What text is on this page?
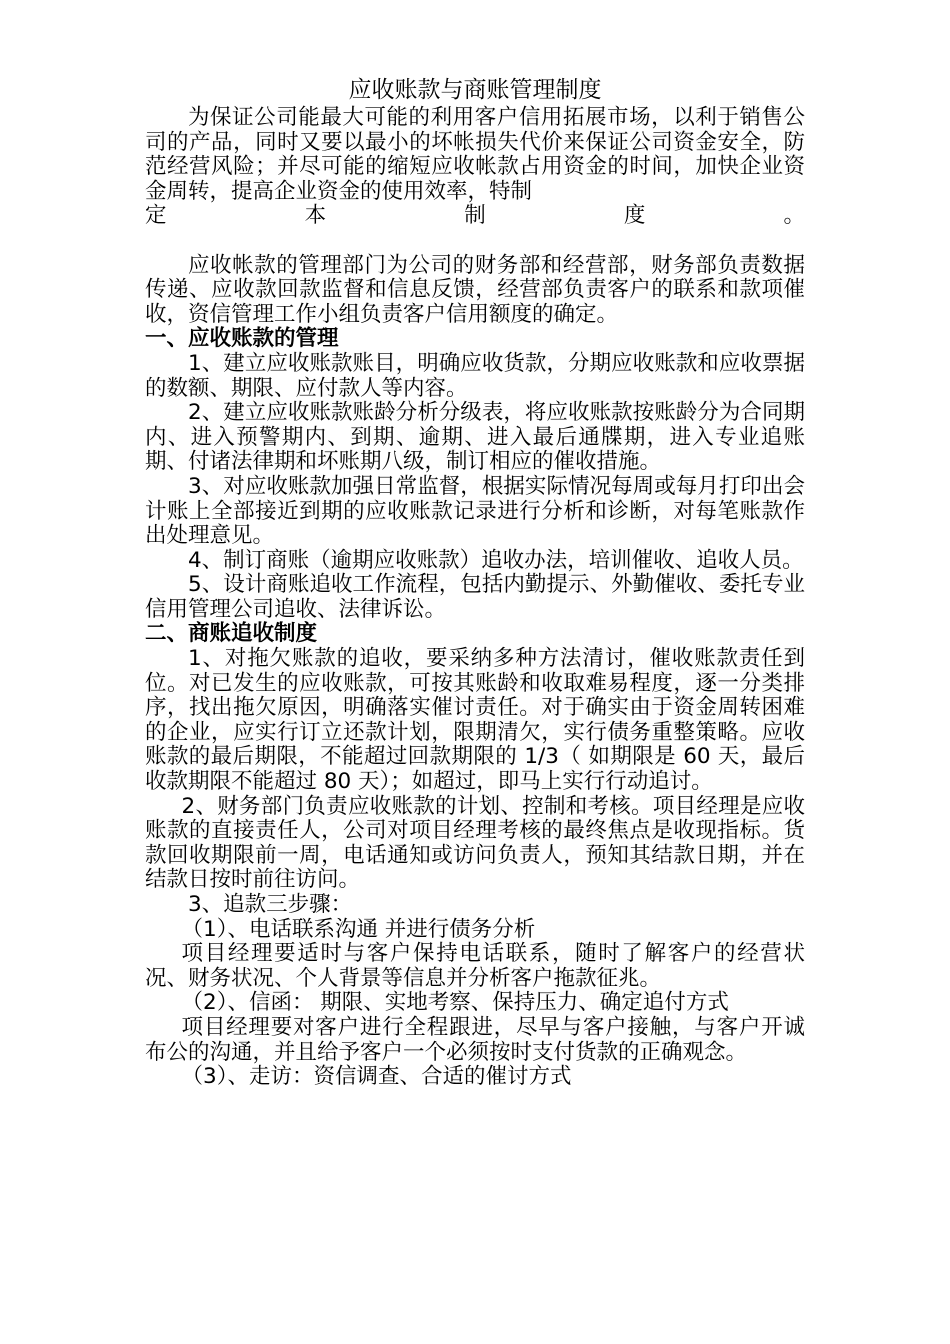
应收账款与商账管理制度

为保证公司能最大可能的利用客户信用拓展市场，以利于销售公司的产品，同时又要以最小的坏帐损失代价来保证公司资金安全，防范经营风险；并尽可能的缩短应收帐款占用资金的时间，加快企业资金周转，提高企业资金的使用效率，特制

定	本	制	度	。

应收帐款的管理部门为公司的财务部和经营部，财务部负责数据传递、应收款回款监督和信息反馈，经营部负责客户的联系和款项催收，资信管理工作小组负责客户信用额度的确定。

一、应收账款的管理

1、建立应收账款账目，明确应收货款，分期应收账款和应收票据的数额、期限、应付款人等内容。

2、建立应收账款账龄分析分级表，将应收账款按账龄分为合同期内、进入预警期内、到期、逾期、进入最后通牒期，进入专业追账期、付诸法律期和坏账期八级，制订相应的催收措施。

3、对应收账款加强日常监督，根据实际情况每周或每月打印出会计账上全部接近到期的应收账款记录进行分析和诊断，对每笔账款作出处理意见。

4、制订商账（逾期应收账款）追收办法，培训催收、追收人员。

5、设计商账追收工作流程，包括内勤提示、外勤催收、委托专业信用管理公司追收、法律诉讼。

二、商账追收制度

1、对拖欠账款的追收，要采纳多种方法清讨，催收账款责任到位。对已发生的应收账款，可按其账龄和收取难易程度，逐一分类排序，找出拖欠原因，明确落实催讨责任。对于确实由于资金周转困难的企业，应实行订立还款计划，限期清欠，实行债务重整策略。应收账款的最后期限，不能超过回款期限的 1/3（ 如期限是 60 天，最后收款期限不能超过 80 天）；如超过，即马上实行行动追讨。

2、财务部门负责应收账款的计划、控制和考核。项目经理是应收账款的直接责任人，公司对项目经理考核的最终焦点是收现指标。货款回收期限前一周，电话通知或访问负责人，预知其结款日期，并在结款日按时前往访问。

3、追款三步骤：

（1）、电话联系沟通 并进行债务分析

项目经理要适时与客户保持电话联系，随时了解客户的经营状况、财务状况、个人背景等信息并分析客户拖款征兆。

（2）、信函： 期限、实地考察、保持压力、确定追付方式

项目经理要对客户进行全程跟进，尽早与客户接触，与客户开诚布公的沟通，并且给予客户一个必须按时支付货款的正确观念。

（3）、走访：资信调查、合适的催讨方式
